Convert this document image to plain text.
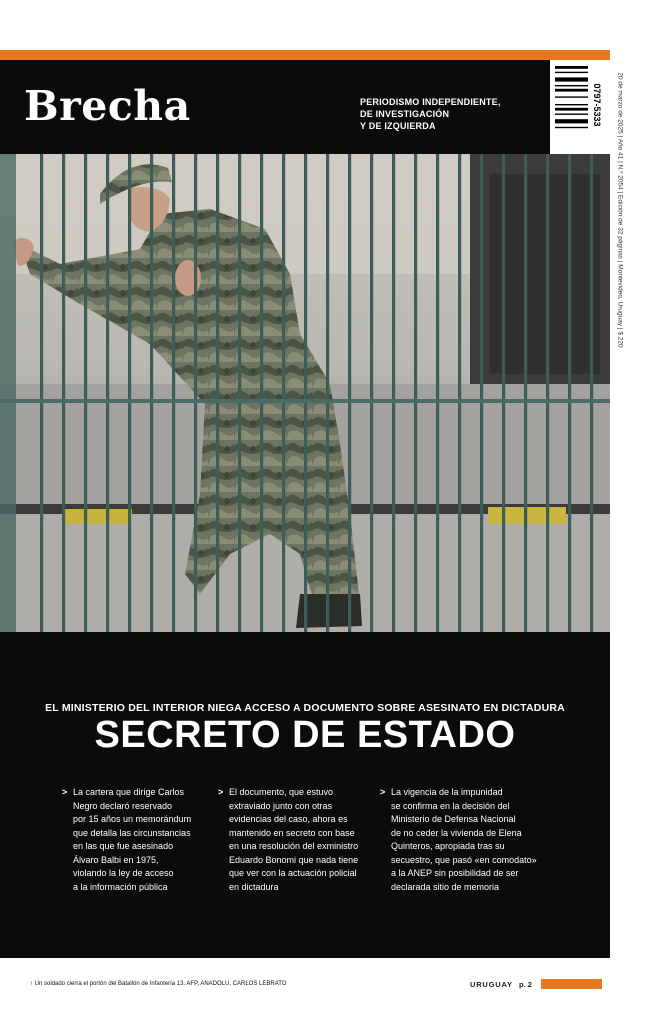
Brecha	PERIODISMO INDEPENDIENTE,
DE INVESTIGACIÓN
Y DE IZQUIERDA	0797-5333 20 de marzo de 2025 | Año 41 | N.º 2054 | Edición de 32 páginas | Montevideo, Uruguay | $ 220
EL MINISTERIO DEL INTERIOR NIEGA ACCESO A DOCUMENTO SOBRE ASESINATO EN DICTADURA
SECRETO DE ESTADO
> La cartera que dirige Carlos
Negro declaró reservado
por 15 años un memorándum
que detalla las circunstancias
en las que fue asesinado
Álvaro Balbi en 1975,
violando la ley de acceso
a la información pública
> El documento, que estuvo
extraviado junto con otras
evidencias del caso, ahora es
mantenido en secreto con base
en una resolución del exministro
Eduardo Bonomi que nada tiene
que ver con la actuación policial
en dictadura
> La vigencia de la impunidad
se confirma en la decisión del
Ministerio de Defensa Nacional
de no ceder la vivienda de Elena
Quinteros, apropiada tras su
secuestro, que pasó «en comodato»
a la ANEP sin posibilidad de ser
declarada sitio de memoria
↑ Un soldado cierra el portón del Batallón de Infantería 13. AFP, ANADOLU, CARLOS LEBRATO	URUGUAY p. 2
